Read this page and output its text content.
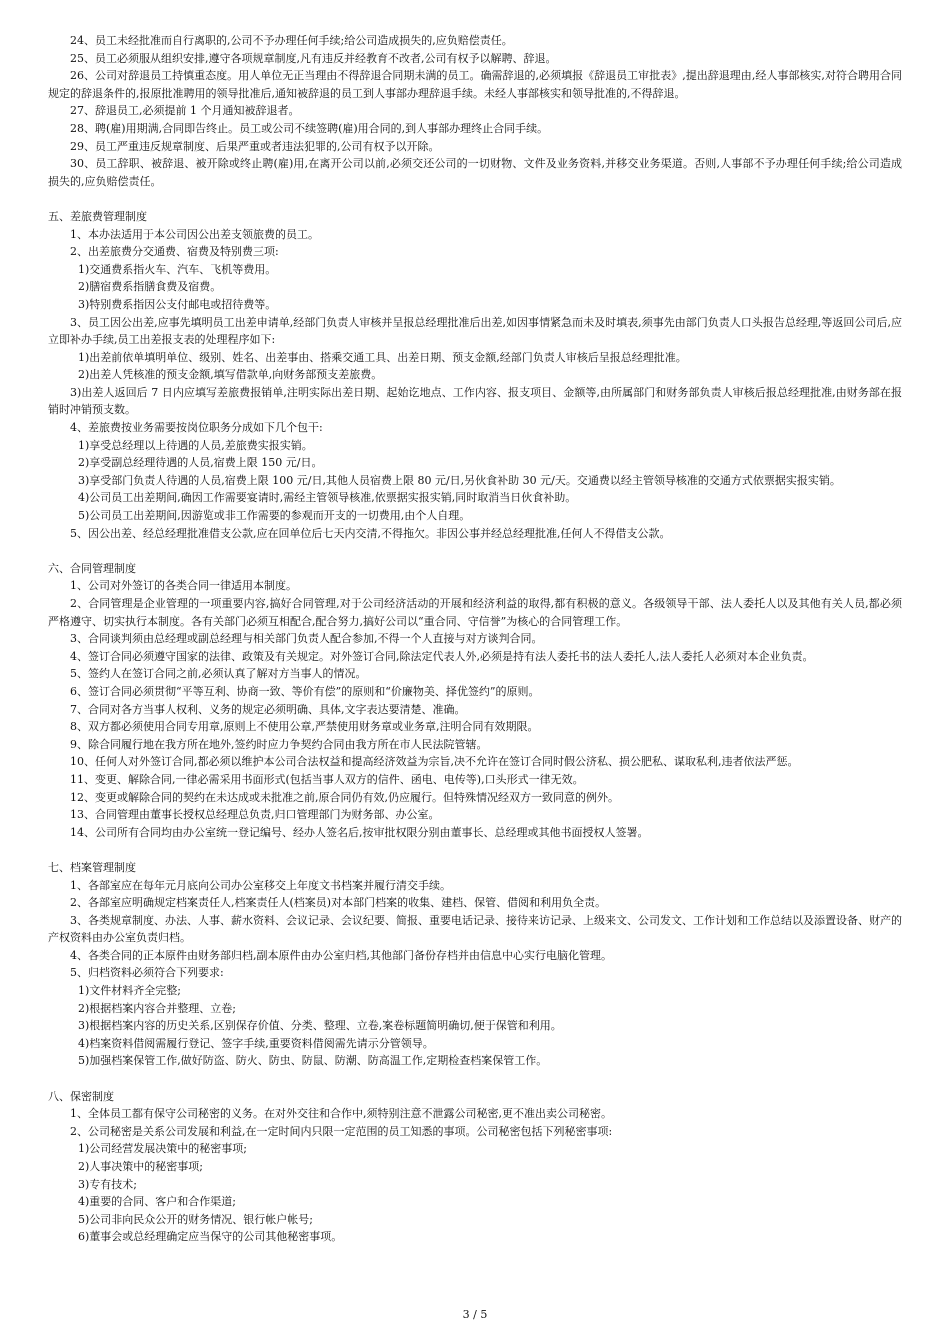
24、员工未经批准而自行离职的,公司不予办理任何手续;给公司造成损失的,应负赔偿责任。
25、员工必须服从组织安排,遵守各项规章制度,凡有违反并经教育不改者,公司有权予以解聘、辞退。
26、公司对辞退员工持慎重态度。用人单位无正当理由不得辞退合同期未满的员工。确需辞退的,必须填报《辞退员工审批表》,提出辞退理由,经人事部核实,对符合聘用合同规定的辞退条件的,报原批准聘用的领导批准后,通知被辞退的员工到人事部办理辞退手续。未经人事部核实和领导批准的,不得辞退。
27、辞退员工,必须提前 1 个月通知被辞退者。
28、聘(雇)用期满,合同即告终止。员工或公司不续签聘(雇)用合同的,到人事部办理终止合同手续。
29、员工严重违反规章制度、后果严重或者违法犯罪的,公司有权予以开除。
30、员工辞职、被辞退、被开除或终止聘(雇)用,在离开公司以前,必须交还公司的一切财物、文件及业务资料,并移交业务渠道。否则,人事部不予办理任何手续;给公司造成损失的,应负赔偿责任。
五、差旅费管理制度
1、本办法适用于本公司因公出差支领旅费的员工。
2、出差旅费分交通费、宿费及特别费三项:
1)交通费系指火车、汽车、飞机等费用。
2)膳宿费系指膳食费及宿费。
3)特别费系指因公支付邮电或招待费等。
3、员工因公出差,应事先填明员工出差申请单,经部门负责人审核并呈报总经理批准后出差,如因事情紧急而未及时填表,须事先由部门负责人口头报告总经理,等返回公司后,应立即补办手续,员工出差报支表的处理程序如下:
1)出差前依单填明单位、级别、姓名、出差事由、搭乘交通工具、出差日期、预支金额,经部门负责人审核后呈报总经理批准。
2)出差人凭核准的预支金额,填写借款单,向财务部预支差旅费。
3)出差人返回后 7 日内应填写差旅费报销单,注明实际出差日期、起始讫地点、工作内容、报支项目、金额等,由所属部门和财务部负责人审核后报总经理批准,由财务部在报销时冲销预支数。
4、差旅费按业务需要按岗位职务分成如下几个包干:
1)享受总经理以上待遇的人员,差旅费实报实销。
2)享受副总经理待遇的人员,宿费上限 150 元/日。
3)享受部门负责人待遇的人员,宿费上限 100 元/日,其他人员宿费上限 80 元/日,另伙食补助 30 元/天。交通费以经主管领导核准的交通方式依票据实报实销。
4)公司员工出差期间,确因工作需要宴请时,需经主管领导核准,依票据实报实销,同时取消当日伙食补助。
5)公司员工出差期间,因游览或非工作需要的参观而开支的一切费用,由个人自理。
5、因公出差、经总经理批准借支公款,应在回单位后七天内交清,不得拖欠。非因公事并经总经理批准,任何人不得借支公款。
六、合同管理制度
1、公司对外签订的各类合同一律适用本制度。
2、合同管理是企业管理的一项重要内容,搞好合同管理,对于公司经济活动的开展和经济利益的取得,都有积极的意义。各级领导干部、法人委托人以及其他有关人员,都必须严格遵守、切实执行本制度。各有关部门必须互相配合,配合努力,搞好公司以“重合同、守信誉”为核心的合同管理工作。
3、合同谈判须由总经理或副总经理与相关部门负责人配合参加,不得一个人直接与对方谈判合同。
4、签订合同必须遵守国家的法律、政策及有关规定。对外签订合同,除法定代表人外,必须是持有法人委托书的法人委托人,法人委托人必须对本企业负责。
5、签约人在签订合同之前,必须认真了解对方当事人的情况。
6、签订合同必须贯彻“平等互利、协商一致、等价有偿”的原则和“价廉物美、择优签约”的原则。
7、合同对各方当事人权利、义务的规定必须明确、具体,文字表达要清楚、准确。
8、双方都必须使用合同专用章,原则上不使用公章,严禁使用财务章或业务章,注明合同有效期限。
9、除合同履行地在我方所在地外,签约时应力争契约合同由我方所在市人民法院管辖。
10、任何人对外签订合同,都必须以维护本公司合法权益和提高经济效益为宗旨,决不允许在签订合同时假公济私、损公肥私、谋取私利,违者依法严惩。
11、变更、解除合同,一律必需采用书面形式(包括当事人双方的信件、函电、电传等),口头形式一律无效。
12、变更或解除合同的契约在未达成或未批准之前,原合同仍有效,仍应履行。但特殊情况经双方一致同意的例外。
13、合同管理由董事长授权总经理总负责,归口管理部门为财务部、办公室。
14、公司所有合同均由办公室统一登记编号、经办人签名后,按审批权限分别由董事长、总经理或其他书面授权人签署。
七、档案管理制度
1、各部室应在每年元月底向公司办公室移交上年度文书档案并履行清交手续。
2、各部室应明确规定档案责任人,档案责任人(档案员)对本部门档案的收集、建档、保管、借阅和利用负全责。
3、各类规章制度、办法、人事、薪水资料、会议记录、会议纪要、简报、重要电话记录、接待来访记录、上级来文、公司发文、工作计划和工作总结以及添置设备、财产的产权资料由办公室负责归档。
4、各类合同的正本原件由财务部归档,副本原件由办公室归档,其他部门备份存档并由信息中心实行电脑化管理。
5、归档资料必须符合下列要求:
1)文件材料齐全完整;
2)根据档案内容合并整理、立卷;
3)根据档案内容的历史关系,区别保存价值、分类、整理、立卷,案卷标题简明确切,便于保管和利用。
4)档案资料借阅需履行登记、签字手续,重要资料借阅需先请示分管领导。
5)加强档案保管工作,做好防盗、防火、防虫、防鼠、防潮、防高温工作,定期检查档案保管工作。
八、保密制度
1、全体员工都有保守公司秘密的义务。在对外交往和合作中,须特别注意不泄露公司秘密,更不准出卖公司秘密。
2、公司秘密是关系公司发展和利益,在一定时间内只限一定范围的员工知悉的事项。公司秘密包括下列秘密事项:
1)公司经营发展决策中的秘密事项;
2)人事决策中的秘密事项;
3)专有技术;
4)重要的合同、客户和合作渠道;
5)公司非向民众公开的财务情况、银行帐户帐号;
6)董事会或总经理确定应当保守的公司其他秘密事项。
3 / 5
